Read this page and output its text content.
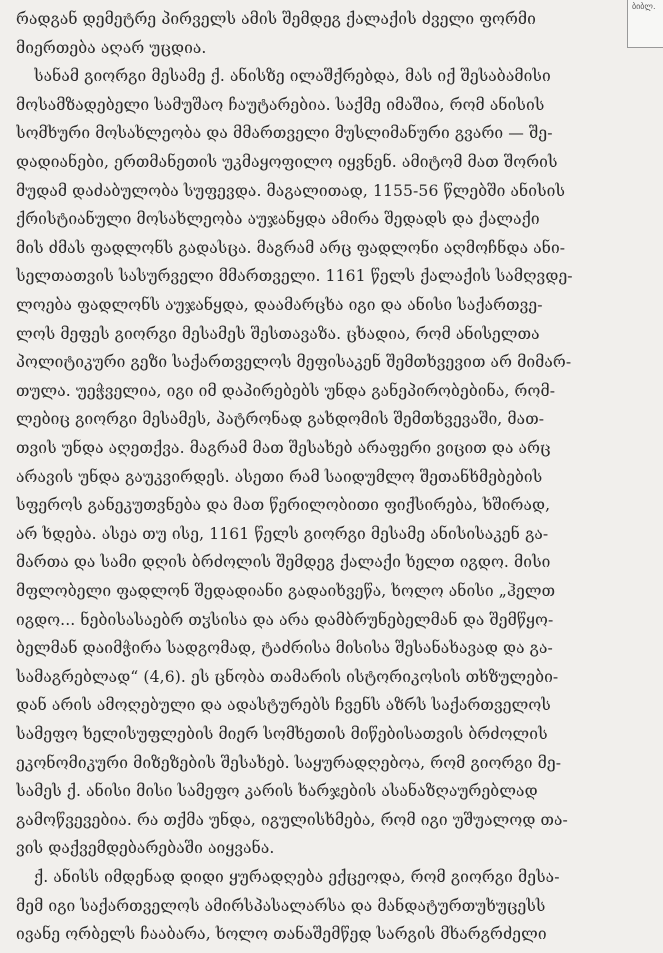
ბიბლ.
რადგან დემეტრე პირველს ამის შემდეგ ქალაქის ძველი ფორმი
მიერთება აღარ უცდია.
სანამ გიორგი მესამე ქ. ანისზე ილაშქრებდა, მას იქ შესაბამისი
მოსამზადებელი სამუშაო ჩაუტარებია. საქმე იმაშია, რომ ანისის
სომხური მოსახლეობა და მმართველი მუსლიმანური გვარი — შე-
დადიანები, ერთმანეთის უკმაყოფილო იყვნენ. ამიტომ მათ შორის
მუდამ დაძაბულობა სუფევდა. მაგალითად, 1155-56 წლებში ანისის
ქრისტიანული მოსახლეობა აუჯანყდა ამირა შედადს და ქალაქი
მის ძმას ფადლონს გადასცა. მაგრამ არც ფადლონი აღმოჩნდა ანი-
სელთათვის სასურველი მმართველი. 1161 წელს ქალაქის სამღვდე-
ლოება ფადლონს აუჯანყდა, დაამარცხა იგი და ანისი საქართვე-
ლოს მეფეს გიორგი მესამეს შესთავაზა. ცხადია, რომ ანისელთა
პოლიტიკური გეზი საქართველოს მეფისაკენ შემთხვევით არ მიმარ-
თულა. უეჭველია, იგი იმ დაპირებებს უნდა განეპირობებინა, რომ-
ლებიც გიორგი მესამეს, პატრონად გახდომის შემთხვევაში, მათ-
თვის უნდა აღეთქვა. მაგრამ მათ შესახებ არაფერი ვიცით და არც
არავის უნდა გაუკვირდეს. ასეთი რამ საიდუმლო შეთანხმებების
სფეროს განეკუთვნება და მათ წერილობითი ფიქსირება, ხშირად,
არ ხდება. ასეა თუ ისე, 1161 წელს გიორგი მესამე ანისისაკენ გა-
მართა და სამი დღის ბრძოლის შემდეგ ქალაქი ხელთ იგდო. მისი
მფლობელი ფადლონ შედადიანი გადაიხვეწა, ხოლო ანისი „ჰელთ
იგდო... ნებისასაებრ თჳსისა და არა დამბრუნებელმან და შემწყო-
ბელმან დაიმჭირა სადგომად, ტაძრისა მისისა შესანახავად და გა-
სამაგრებლად“ (4,6). ეს ცნობა თამარის ისტორიკოსის თხზულები-
დან არის ამოღებული და ადასტურებს ჩვენს აზრს საქართველოს
სამეფო ხელისუფლების მიერ სომხეთის მიწებისათვის ბრძოლის
ეკონომიკური მიზეზების შესახებ. საყურადღებოა, რომ გიორგი მე-
სამეს ქ. ანისი მისი სამეფო კარის ხარჯების ასანაზღაურებლად
გამოწვევებია. რა თქმა უნდა, იგულისხმება, რომ იგი უშუალოდ თა-
ვის დაქვემდებარებაში აიყვანა.
ქ. ანისს იმდენად დიდი ყურადღება ექცეოდა, რომ გიორგი მესა-
მემ იგი საქართველოს ამირსპასალარსა და მანდატურთუხუცესს
ივანე ორბელს ჩააბარა, ხოლო თანაშემწედ სარგის მხარგრძელი
